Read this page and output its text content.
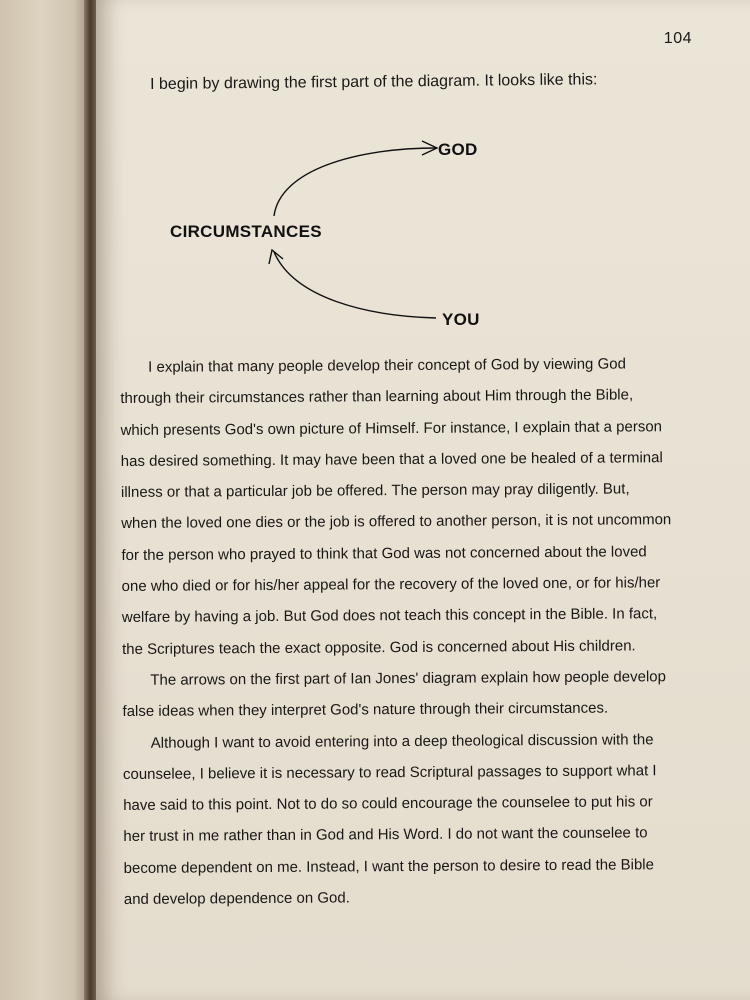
104
I begin by drawing the first part of the diagram. It looks like this:
GOD
CIRCUMSTANCES
YOU
I explain that many people develop their concept of God by viewing God
through their circumstances rather than learning about Him through the Bible,
which presents God's own picture of Himself. For instance, I explain that a person
has desired something. It may have been that a loved one be healed of a terminal
illness or that a particular job be offered. The person may pray diligently. But,
when the loved one dies or the job is offered to another person, it is not uncommon
for the person who prayed to think that God was not concerned about the loved
one who died or for his/her appeal for the recovery of the loved one, or for his/her
welfare by having a job. But God does not teach this concept in the Bible. In fact,
the Scriptures teach the exact opposite. God is concerned about His children.
The arrows on the first part of Ian Jones' diagram explain how people develop
false ideas when they interpret God's nature through their circumstances.
Although I want to avoid entering into a deep theological discussion with the
counselee, I believe it is necessary to read Scriptural passages to support what I
have said to this point. Not to do so could encourage the counselee to put his or
her trust in me rather than in God and His Word. I do not want the counselee to
become dependent on me. Instead, I want the person to desire to read the Bible
and develop dependence on God.
